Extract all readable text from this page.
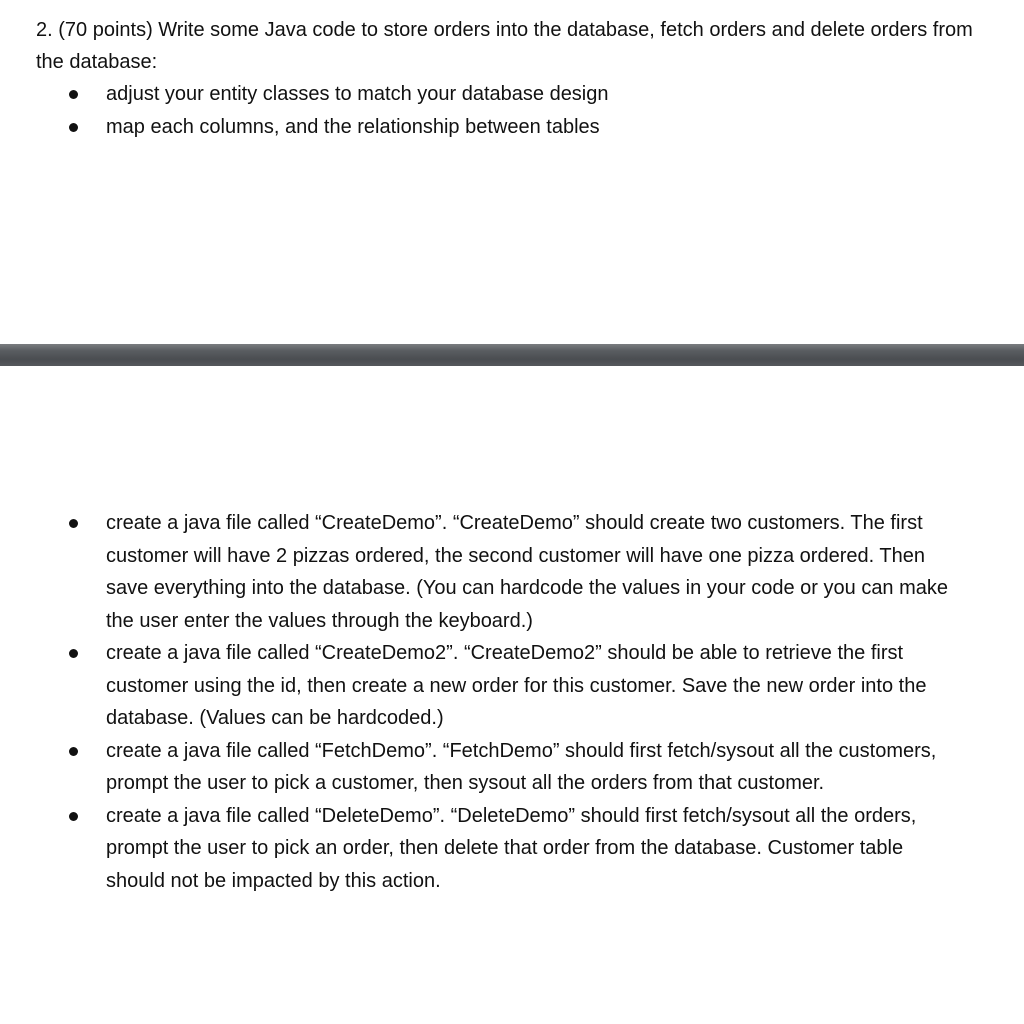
2. (70 points) Write some Java code to store orders into the database, fetch orders and delete orders from the database:

adjust your entity classes to match your database design
map each columns, and the relationship between tables
create a java file called “CreateDemo”. “CreateDemo” should create two customers. The first customer will have 2 pizzas ordered, the second customer will have one pizza ordered. Then save everything into the database. (You can hardcode the values in your code or you can make the user enter the values through the keyboard.)
create a java file called “CreateDemo2”. “CreateDemo2” should be able to retrieve the first customer using the id, then create a new order for this customer. Save the new order into the database. (Values can be hardcoded.)
create a java file called “FetchDemo”. “FetchDemo” should first fetch/sysout all the customers, prompt the user to pick a customer, then sysout all the orders from that customer.
create a java file called “DeleteDemo”. “DeleteDemo” should first fetch/sysout all the orders, prompt the user to pick an order, then delete that order from the database. Customer table should not be impacted by this action.
